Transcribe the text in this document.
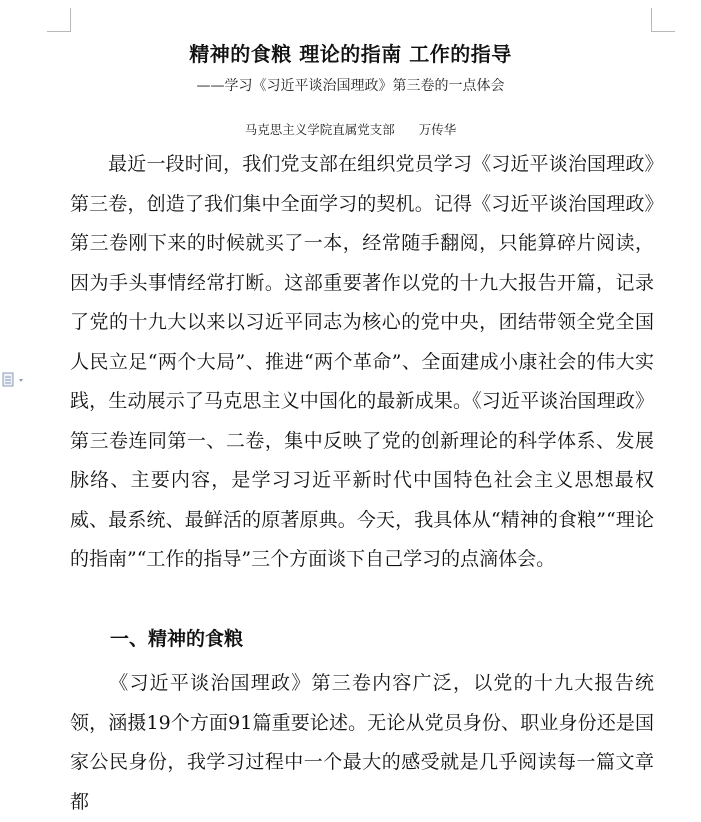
精神的食粮 理论的指南 工作的指导
——学习《习近平谈治国理政》第三卷的一点体会
马克思主义学院直属党支部 万传华

最近一段时间，我们党支部在组织党员学习《习近平谈治国理政》第三卷，创造了我们集中全面学习的契机。记得《习近平谈治国理政》第三卷刚下来的时候就买了一本，经常随手翻阅，只能算碎片阅读，因为手头事情经常打断。这部重要著作以党的十九大报告开篇，记录了党的十九大以来以习近平同志为核心的党中央，团结带领全党全国人民立足“两个大局”、推进“两个革命”、全面建成小康社会的伟大实践，生动展示了马克思主义中国化的最新成果。《习近平谈治国理政》第三卷连同第一、二卷，集中反映了党的创新理论的科学体系、发展脉络、主要内容，是学习习近平新时代中国特色社会主义思想最权威、最系统、最鲜活的原著原典。今天，我具体从“精神的食粮”“理论的指南”“工作的指导”三个方面谈下自己学习的点滴体会。

一、精神的食粮

《习近平谈治国理政》第三卷内容广泛，以党的十九大报告统领，涵摄19个方面91篇重要论述。无论从党员身份、职业身份还是国家公民身份，我学习过程中一个最大的感受就是几乎阅读每一篇文章都
